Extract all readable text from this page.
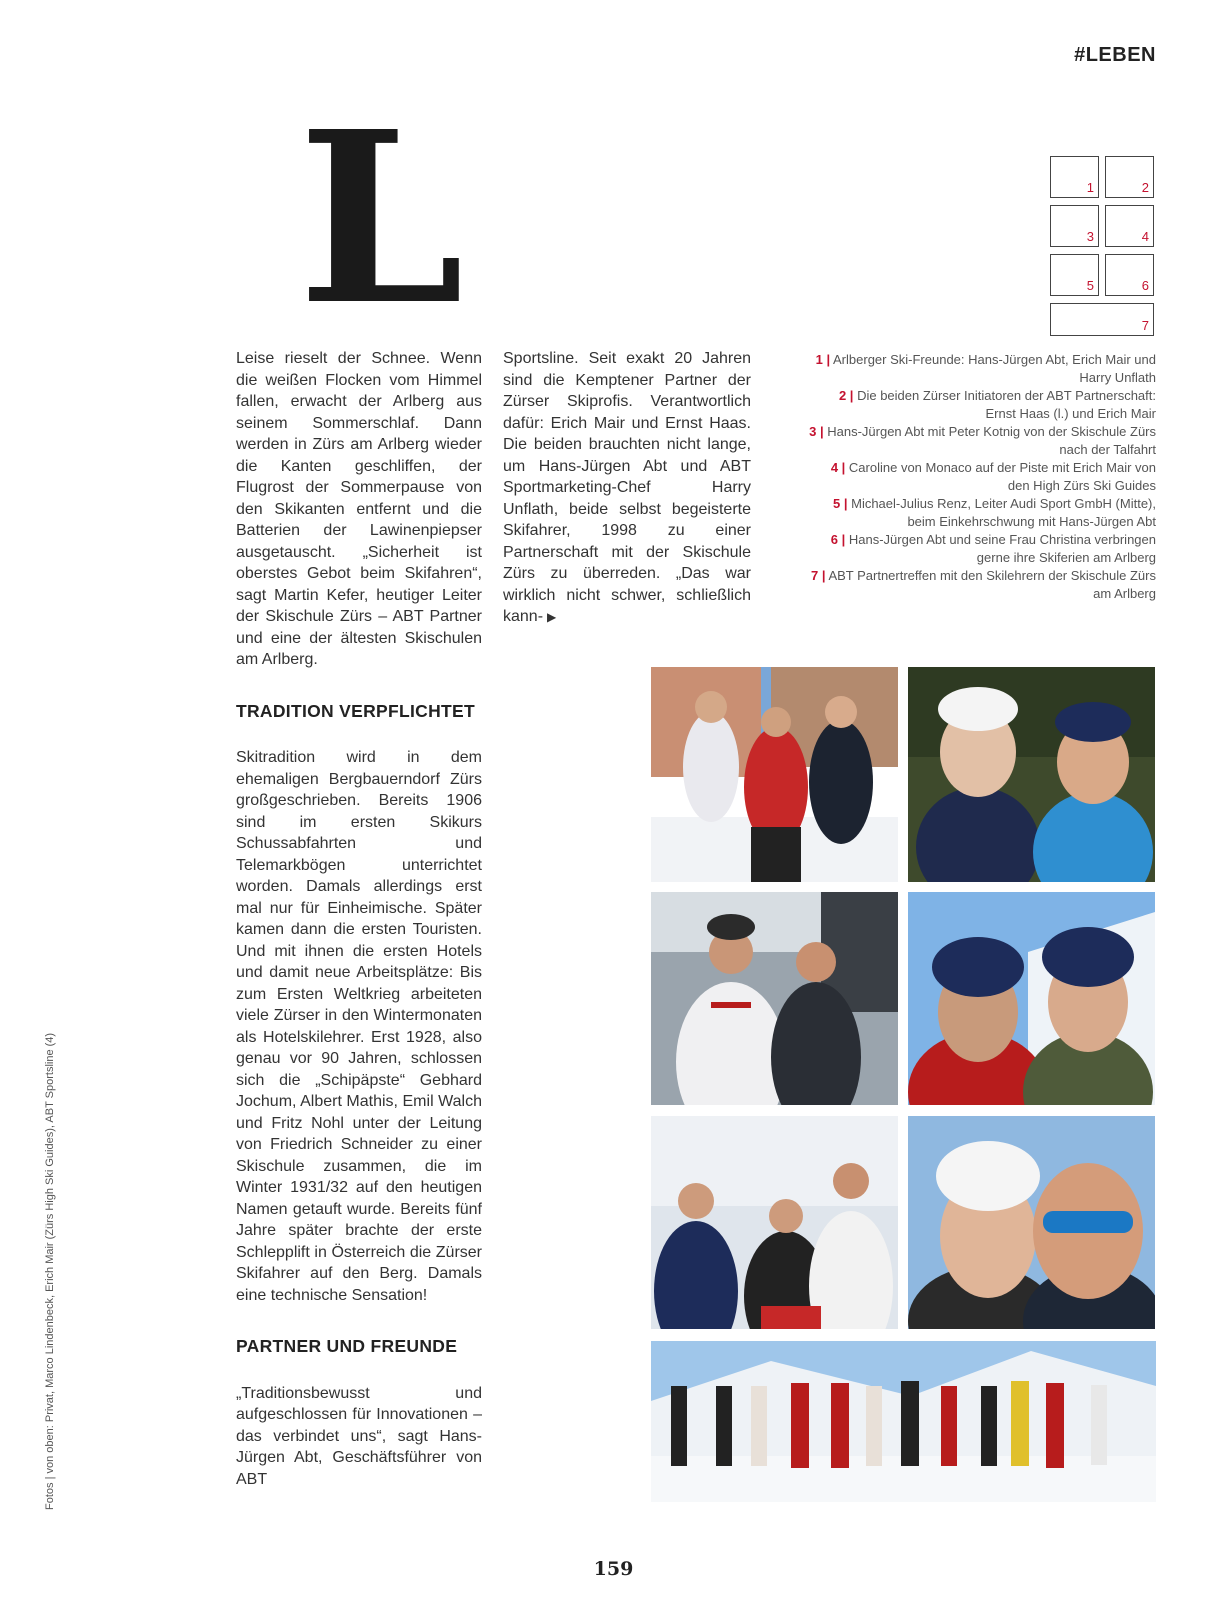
#LEBEN
L

Leise rieselt der Schnee. Wenn die weißen Flocken vom Himmel fallen, erwacht der Arlberg aus seinem Sommerschlaf. Dann werden in Zürs am Arlberg wieder die Kanten geschliffen, der Flugrost der Sommerpause von den Skikanten entfernt und die Batterien der Lawinenpiepser ausgetauscht. „Sicherheit ist oberstes Gebot beim Skifahren“, sagt Martin Kefer, heutiger Leiter der Skischule Zürs – ABT Partner und eine der ältesten Skischulen am Arlberg.

TRADITION VERPFLICHTET

Skitradition wird in dem ehemaligen Bergbauerndorf Zürs großgeschrieben. Bereits 1906 sind im ersten Skikurs Schussabfahrten und Telemarkbögen unterrichtet worden. Damals allerdings erst mal nur für Einheimische. Später kamen dann die ersten Touristen. Und mit ihnen die ersten Hotels und damit neue Arbeitsplätze: Bis zum Ersten Weltkrieg arbeiteten viele Zürser in den Wintermonaten als Hotelskilehrer. Erst 1928, also genau vor 90 Jahren, schlossen sich die „Schipäpste“ Gebhard Jochum, Albert Mathis, Emil Walch und Fritz Nohl unter der Leitung von Friedrich Schneider zu einer Skischule zusammen, die im Winter 1931/32 auf den heutigen Namen getauft wurde. Bereits fünf Jahre später brachte der erste Schlepplift in Österreich die Zürser Skifahrer auf den Berg. Damals eine technische Sensation!

PARTNER UND FREUNDE

„Traditionsbewusst und aufgeschlossen für Innovationen – das verbindet uns“, sagt Hans-Jürgen Abt, Geschäftsführer von ABT

Sportsline. Seit exakt 20 Jahren sind die Kemptener Partner der Zürser Skiprofis. Verantwortlich dafür: Erich Mair und Ernst Haas. Die beiden brauchten nicht lange, um Hans-Jürgen Abt und ABT Sportmarketing-Chef Harry Unflath, beide selbst begeisterte Skifahrer, 1998 zu einer Partnerschaft mit der Skischule Zürs zu überreden. „Das war wirklich nicht schwer, schließlich kann- ▶

1	2
3	4
5	6
7

1 | Arlberger Ski-Freunde: Hans-Jürgen Abt, Erich Mair und Harry Unflath

2 | Die beiden Zürser Initiatoren der ABT Partnerschaft: Ernst Haas (l.) und Erich Mair

3 | Hans-Jürgen Abt mit Peter Kotnig von der Skischule Zürs nach der Talfahrt

4 | Caroline von Monaco auf der Piste mit Erich Mair von den High Zürs Ski Guides

5 | Michael-Julius Renz, Leiter Audi Sport GmbH (Mitte), beim Einkehrschwung mit Hans-Jürgen Abt

6 | Hans-Jürgen Abt und seine Frau Christina verbringen gerne ihre Skiferien am Arlberg

7 | ABT Partnertreffen mit den Skilehrern der Skischule Zürs am Arlberg

Fotos | von oben: Privat, Marco Lindenbeck, Erich Mair (Zürs High Ski Guides), ABT Sportsline (4)
159
